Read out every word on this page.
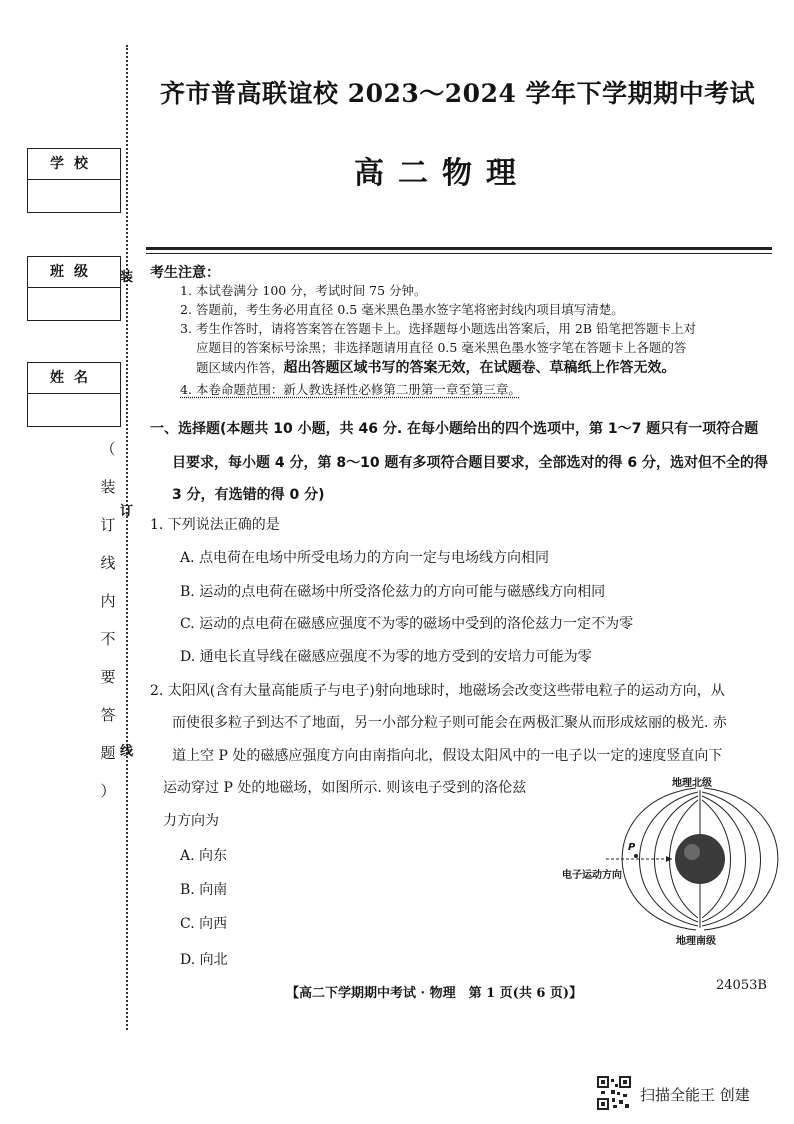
装
订
线
学校
班级
姓名
（
装
订
线
内
不
要
答
题
）
齐市普高联谊校 2023～2024 学年下学期期中考试
高二物理
考生注意：
1. 本试卷满分 100 分，考试时间 75 分钟。
2. 答题前，考生务必用直径 0.5 毫米黑色墨水签字笔将密封线内项目填写清楚。
3. 考生作答时，请将答案答在答题卡上。选择题每小题选出答案后，用 2B 铅笔把答题卡上对
应题目的答案标号涂黑；非选择题请用直径 0.5 毫米黑色墨水签字笔在答题卡上各题的答
题区域内作答，超出答题区域书写的答案无效，在试题卷、草稿纸上作答无效。
4. 本卷命题范围：新人教选择性必修第二册第一章至第三章。
一、选择题(本题共 10 小题，共 46 分. 在每小题给出的四个选项中，第 1～7 题只有一项符合题
目要求，每小题 4 分，第 8～10 题有多项符合题目要求，全部选对的得 6 分，选对但不全的得
3 分，有选错的得 0 分)
1. 下列说法正确的是
A. 点电荷在电场中所受电场力的方向一定与电场线方向相同
B. 运动的点电荷在磁场中所受洛伦兹力的方向可能与磁感线方向相同
C. 运动的点电荷在磁感应强度不为零的磁场中受到的洛伦兹力一定不为零
D. 通电长直导线在磁感应强度不为零的地方受到的安培力可能为零
2. 太阳风(含有大量高能质子与电子)射向地球时，地磁场会改变这些带电粒子的运动方向，从
而使很多粒子到达不了地面，另一小部分粒子则可能会在两极汇聚从而形成炫丽的极光. 赤
道上空 P 处的磁感应强度方向由南指向北，假设太阳风中的一电子以一定的速度竖直向下
运动穿过 P 处的地磁场，如图所示. 则该电子受到的洛伦兹
力方向为
A. 向东
B. 向南
C. 向西
D. 向北
地理北级
地理南级
电子运动方向
P
【高二下学期期中考试 · 物理　第 1 页(共 6 页)】
24053B
扫描全能王 创建
